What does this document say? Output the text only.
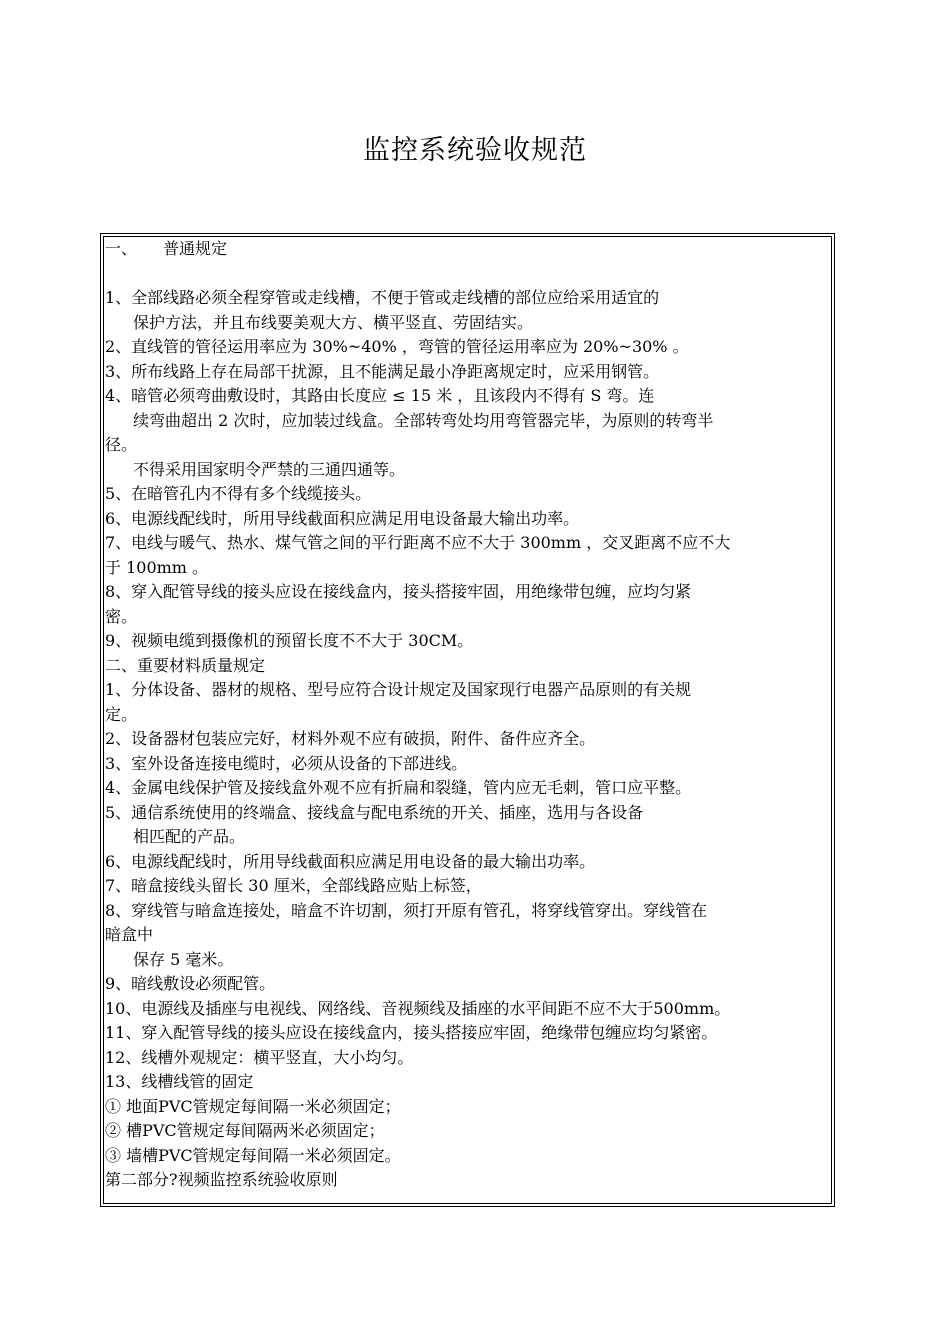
监控系统验收规范
一、 普通规定
1、全部线路必须全程穿管或走线槽，不便于管或走线槽的部位应给采用适宜的
保护方法，并且布线要美观大方、横平竖直、劳固结实。
2、直线管的管径运用率应为 30%~40% ，弯管的管径运用率应为 20%~30% 。
3、所布线路上存在局部干扰源，且不能满足最小净距离规定时，应采用钢管。
4、暗管必须弯曲敷设时，其路由长度应 ≤ 15 米 ，且该段内不得有 S 弯。连
续弯曲超出 2 次时，应加装过线盒。全部转弯处均用弯管器完毕，为原则的转弯半
径。
不得采用国家明令严禁的三通四通等。
5、在暗管孔内不得有多个线缆接头。
6、电源线配线时，所用导线截面积应满足用电设备最大输出功率。
7、电线与暖气、热水、煤气管之间的平行距离不应不大于 300mm ，交叉距离不应不大
于 100mm 。
8、穿入配管导线的接头应设在接线盒内，接头搭接牢固，用绝缘带包缠，应均匀紧
密。
9、视频电缆到摄像机的预留长度不不大于 30CM。
二、重要材料质量规定
1、分体设备、器材的规格、型号应符合设计规定及国家现行电器产品原则的有关规
定。
2、设备器材包装应完好，材料外观不应有破损，附件、备件应齐全。
3、室外设备连接电缆时，必须从设备的下部进线。
4、金属电线保护管及接线盒外观不应有折扁和裂缝，管内应无毛刺，管口应平整。
5、通信系统使用的终端盒、接线盒与配电系统的开关、插座，选用与各设备
相匹配的产品。
6、电源线配线时，所用导线截面积应满足用电设备的最大输出功率。
7、暗盒接线头留长 30 厘米，全部线路应贴上标签，
8、穿线管与暗盒连接处，暗盒不许切割，须打开原有管孔，将穿线管穿出。穿线管在
暗盒中
保存 5 毫米。
9、暗线敷设必须配管。
10、电源线及插座与电视线、网络线、音视频线及插座的水平间距不应不大于500mm。
11、穿入配管导线的接头应设在接线盒内，接头搭接应牢固，绝缘带包缠应均匀紧密。
12、线槽外观规定：横平竖直，大小均匀。
13、线槽线管的固定
① 地面PVC管规定每间隔一米必须固定；
② 槽PVC管规定每间隔两米必须固定；
③ 墙槽PVC管规定每间隔一米必须固定。
第二部分?视频监控系统验收原则
